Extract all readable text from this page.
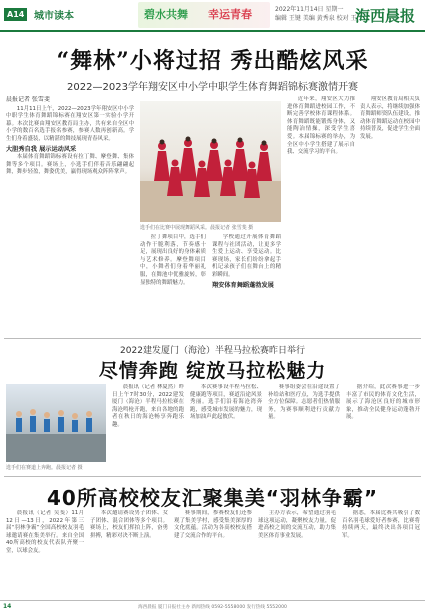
A14 城市读本	碧水共舞 幸运青春	2022年11月14日 星期一
编辑 王键 美编 黄秀泉 校对 王兰
海西晨报
“舞林”小将过招 秀出酷炫风采
2022—2023学年翔安区中小学中职学生体育舞蹈锦标赛激情开赛
晨报记者 张雪斐

11月11日上午，2022—2023学年翔安区中小学中职学生体育舞蹈锦标赛在翔安区第一实验小学开幕。本次比赛由翔安区教育局主办，共有来自全区中小学的数百名选手报名参赛，参赛人数再创新高。学生们身着盛装，以精湛的舞技展现青春风采。

大胆秀自我 展示运动风采

本届体育舞蹈锦标赛设有拉丁舞、摩登舞、集体舞等多个项目。赛场上，小选手们伴着音乐翩翩起舞，舞步轻盈，舞姿优美，赢得现场观众阵阵掌声。

选手们在比赛中展现舞蹈风采。晨报记者 张雪斐 摄

拉丁舞项目中，选手们动作干脆利落，节奏感十足，展现出良好的身体素质与艺术修养。摩登舞项目中，小舞者们身着华丽礼服，在舞池中优雅旋转，彰显独特的舞蹈魅力。

学校通过开展体育舞蹈课程与社团活动，让更多学生爱上运动、享受运动。比赛现场，家长们纷纷拿起手机记录孩子们在舞台上的精彩瞬间。

翔安体育舞蹈蓬勃发展

近年来，翔安区大力推进体育舞蹈进校园工作，不断完善学校体育课程体系。体育舞蹈既能锻炼身体，又能陶冶情操，深受学生喜爱。本届锦标赛的举办，为全区中小学生搭建了展示自我、交流学习的平台。

翔安区教育局相关负责人表示，将继续加强体育舞蹈师资队伍建设，推动体育舞蹈运动在校园中持续普及，促进学生全面发展。

2022建发厦门（海沧）半程马拉松赛昨日举行
尽情奔跑 绽放马拉松魅力
选手们在赛道上奔跑。晨报记者 摄

晨报讯（记者 林夏然）昨日上午7时30分，2022建发厦门（海沧）半程马拉松赛在海沧鸣枪开跑，来自各地的跑者在秋日的海沧畅享奔跑乐趣。

本次赛事设半程马拉松、健康跑等项目，赛道沿途风景秀丽。选手们沿着海沧湾奔跑，感受城市发展的魅力，现场加油声此起彼伏。

赛事组委会在沿途设置了补给站和医疗点，为选手提供全方位保障。志愿者们热情服务，为赛事顺利进行贡献力量。

据介绍，此次赛事进一步丰富了市民的体育文化生活，展示了海沧区良好的城市形象，推动全民健身运动蓬勃开展。

40所高校校友汇聚集美“羽林争霸”

晨报讯（记者 吴斐）11月12日—13日，2022年第三届“羽林争霸”全国高校校友羽毛球邀请赛在集美举行。来自全国40所高校的校友代表队齐聚一堂，以球会友。

本次邀请赛设男子团体、女子团体、混合团体等多个项目。赛场上，校友们挥拍上阵，奋勇拼搏，精彩对决不断上演。

赛事期间，参赛校友们还参观了集美学村，感受集美深厚的文化底蕴。活动为各高校校友搭建了交流合作的平台。

主办方表示，希望通过羽毛球这项运动，凝聚校友力量，促进高校之间的交流互动，助力集美区体育事业发展。

据悉，本届比赛共吸引了数百名羽毛球爱好者参赛，比赛将持续两天，最终决出各项目冠军。

14	海西晨报 厦门日报社主办 新闻热线 0592-5558000 发行热线 5552000
